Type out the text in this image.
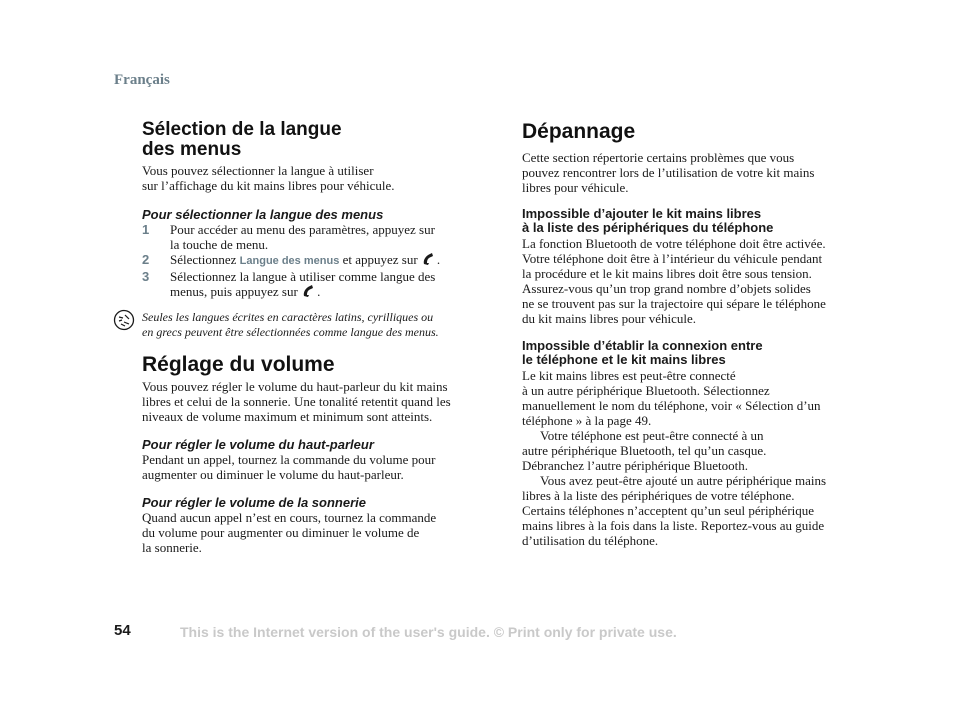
Français
Sélection de la langue
des menus

Vous pouvez sélectionner la langue à utiliser
sur l’affichage du kit mains libres pour véhicule.

Pour sélectionner la langue des menus

1	Pour accéder au menu des paramètres, appuyez sur
la touche de menu.
2	Sélectionnez Langue des menus et appuyez sur .
3	Sélectionnez la langue à utiliser comme langue des
menus, puis appuyez sur .
Seules les langues écrites en caractères latins, cyrilliques ou
en grecs peuvent être sélectionnées comme langue des menus.
Réglage du volume

Vous pouvez régler le volume du haut-parleur du kit mains
libres et celui de la sonnerie. Une tonalité retentit quand les
niveaux de volume maximum et minimum sont atteints.

Pour régler le volume du haut-parleur

Pendant un appel, tournez la commande du volume pour
augmenter ou diminuer le volume du haut-parleur.

Pour régler le volume de la sonnerie

Quand aucun appel n’est en cours, tournez la commande
du volume pour augmenter ou diminuer le volume de
la sonnerie.

Dépannage

Cette section répertorie certains problèmes que vous
pouvez rencontrer lors de l’utilisation de votre kit mains
libres pour véhicule.

Impossible d’ajouter le kit mains libres
à la liste des périphériques du téléphone

La fonction Bluetooth de votre téléphone doit être activée.
Votre téléphone doit être à l’intérieur du véhicule pendant
la procédure et le kit mains libres doit être sous tension.
Assurez-vous qu’un trop grand nombre d’objets solides
ne se trouvent pas sur la trajectoire qui sépare le téléphone
du kit mains libres pour véhicule.

Impossible d’établir la connexion entre
le téléphone et le kit mains libres

Le kit mains libres est peut-être connecté
à un autre périphérique Bluetooth. Sélectionnez
manuellement le nom du téléphone, voir « Sélection d’un
téléphone » à la page 49.

Votre téléphone est peut-être connecté à un
autre périphérique Bluetooth, tel qu’un casque.
Débranchez l’autre périphérique Bluetooth.

Vous avez peut-être ajouté un autre périphérique mains
libres à la liste des périphériques de votre téléphone.
Certains téléphones n’acceptent qu’un seul périphérique
mains libres à la fois dans la liste. Reportez-vous au guide
d’utilisation du téléphone.

54	This is the Internet version of the user's guide. © Print only for private use.
